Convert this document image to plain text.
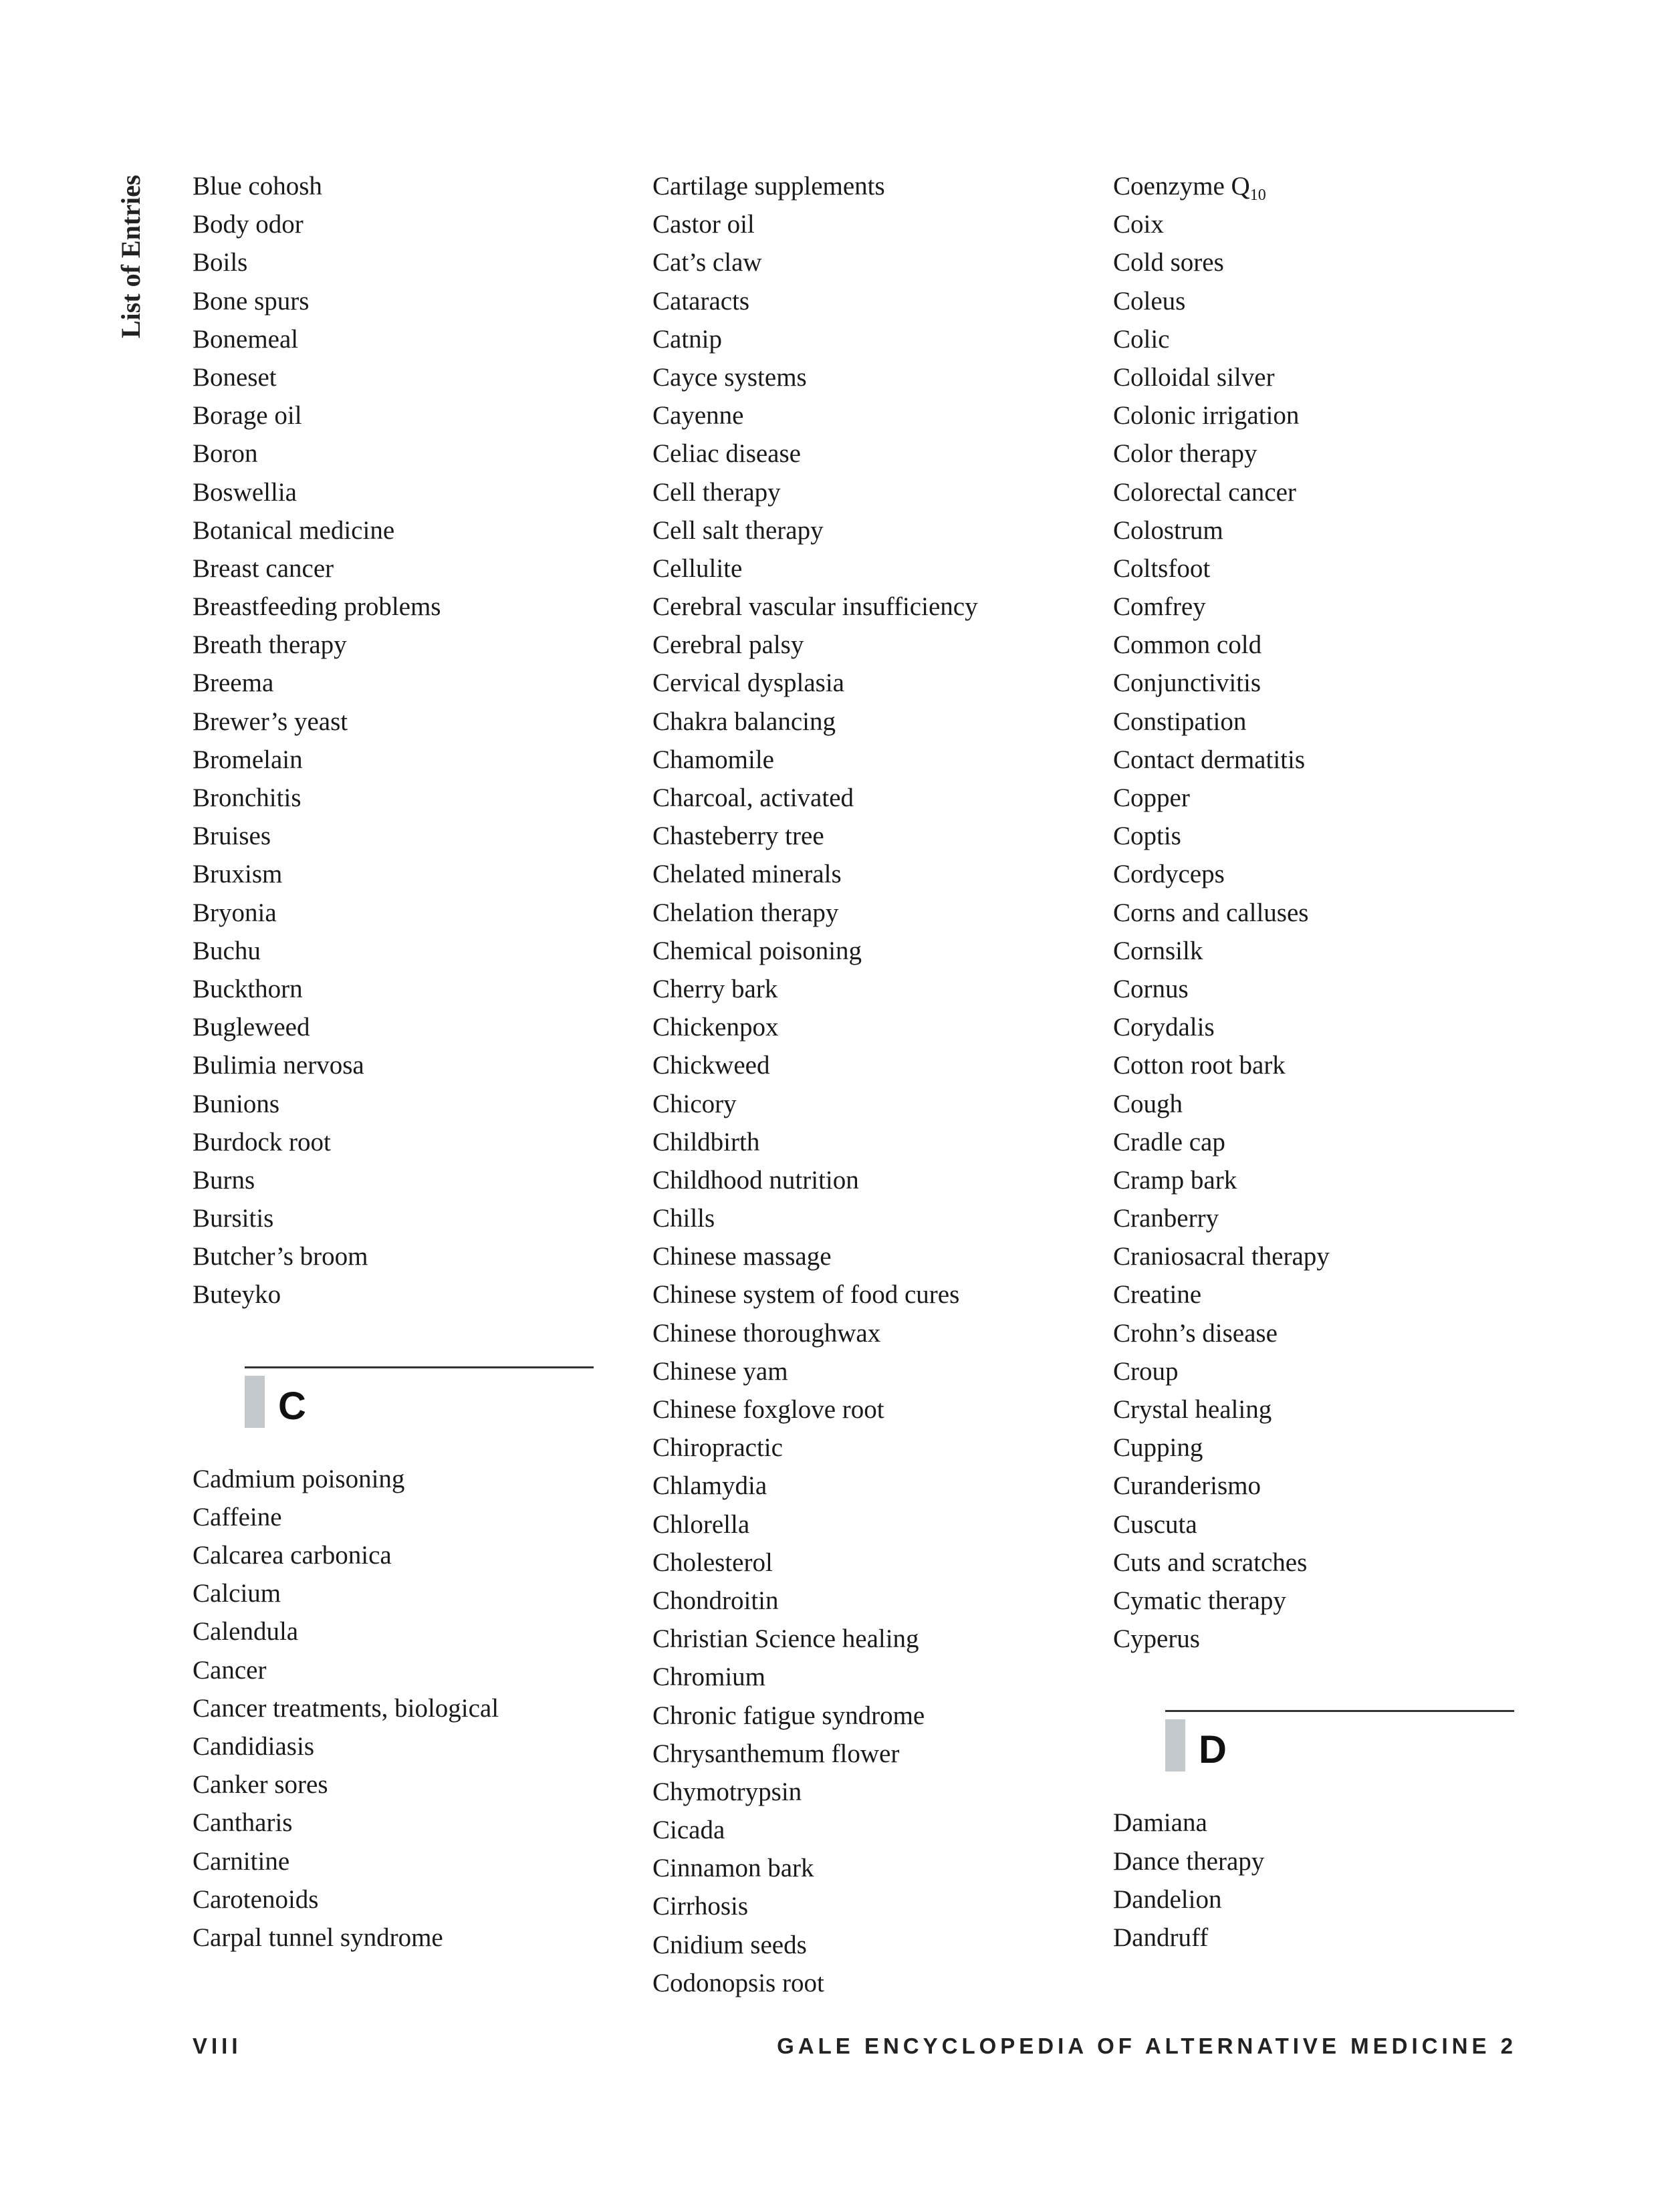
List of Entries Blue cohosh
Body odor
Boils
Bone spurs
Bonemeal
Boneset
Borage oil
Boron
Boswellia
Botanical medicine
Breast cancer
Breastfeeding problems
Breath therapy
Breema
Brewer’s yeast
Bromelain
Bronchitis
Bruises
Bruxism
Bryonia
Buchu
Buckthorn
Bugleweed
Bulimia nervosa
Bunions
Burdock root
Burns
Bursitis
Butcher’s broom
Buteyko
C
Cadmium poisoning
Caffeine
Calcarea carbonica
Calcium
Calendula
Cancer
Cancer treatments, biological
Candidiasis
Canker sores
Cantharis
Carnitine
Carotenoids
Carpal tunnel syndrome
Cartilage supplements
Castor oil
Cat’s claw
Cataracts
Catnip
Cayce systems
Cayenne
Celiac disease
Cell therapy
Cell salt therapy
Cellulite
Cerebral vascular insufficiency
Cerebral palsy
Cervical dysplasia
Chakra balancing
Chamomile
Charcoal, activated
Chasteberry tree
Chelated minerals
Chelation therapy
Chemical poisoning
Cherry bark
Chickenpox
Chickweed
Chicory
Childbirth
Childhood nutrition
Chills
Chinese massage
Chinese system of food cures
Chinese thoroughwax
Chinese yam
Chinese foxglove root
Chiropractic
Chlamydia
Chlorella
Cholesterol
Chondroitin
Christian Science healing
Chromium
Chronic fatigue syndrome
Chrysanthemum flower
Chymotrypsin
Cicada
Cinnamon bark
Cirrhosis
Cnidium seeds
Codonopsis root
Coenzyme $Q_{10}$
Coix
Cold sores
Coleus
Colic
Colloidal silver
Colonic irrigation
Color therapy
Colorectal cancer
Colostrum
Coltsfoot
Comfrey
Common cold
Conjunctivitis
Constipation
Contact dermatitis
Copper
Coptis
Cordyceps
Corns and calluses
Cornsilk
Cornus
Corydalis
Cotton root bark
Cough
Cradle cap
Cramp bark
Cranberry
Craniosacral therapy
Creatine
Crohn’s disease
Croup
Crystal healing
Cupping
Curanderismo
Cuscuta
Cuts and scratches
Cymatic therapy
Cyperus
D
Damiana
Dance therapy
Dandelion
Dandruff
VIII	GALE ENCYCLOPEDIA OF ALTERNATIVE MEDICINE 2
